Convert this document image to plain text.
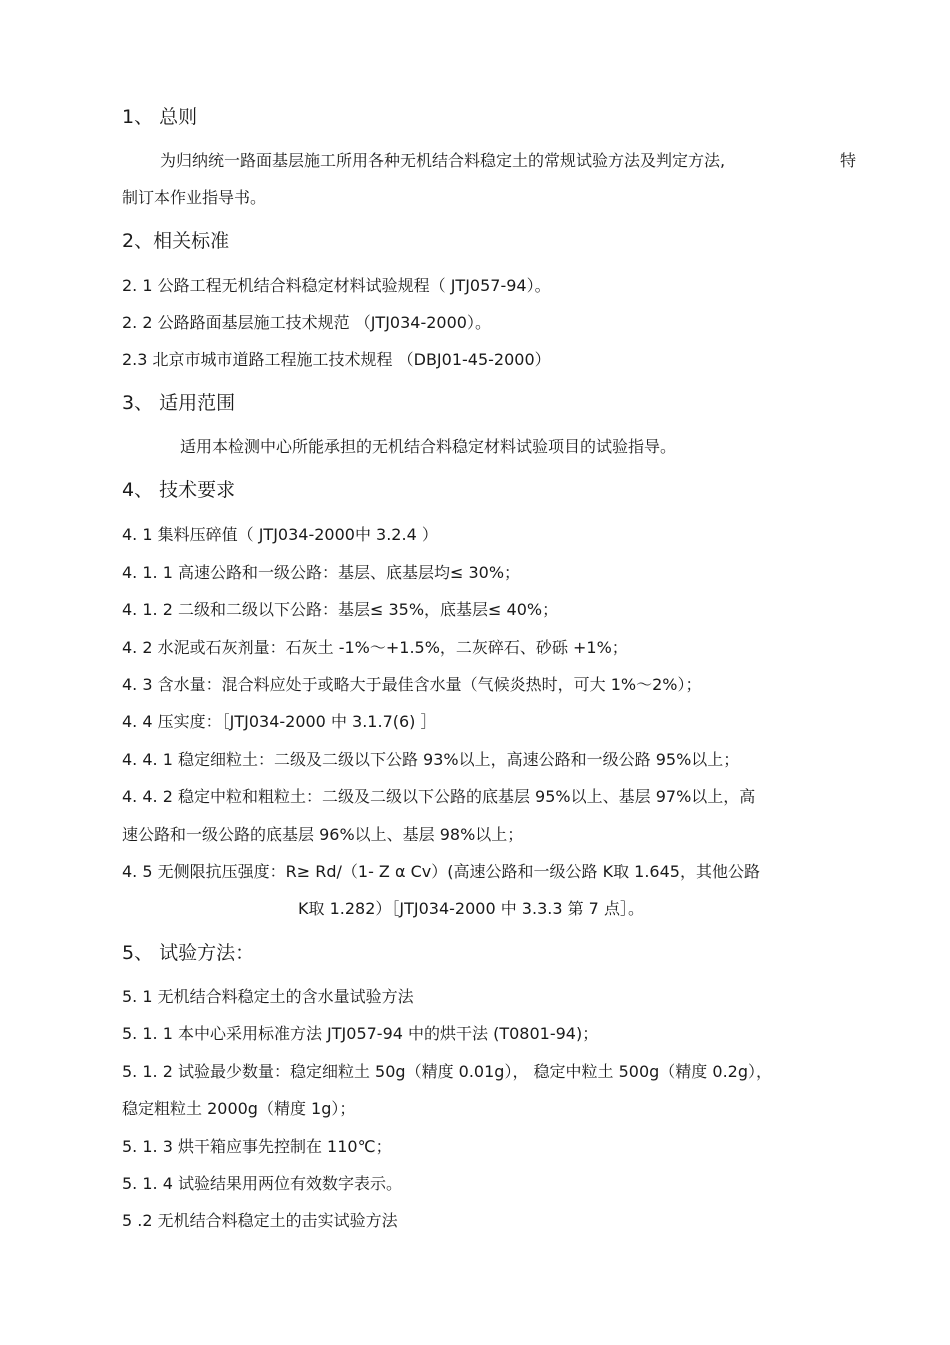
1、 总则
为归纳统一路面基层施工所用各种无机结合料稳定土的常规试验方法及判定方法,	特
制订本作业指导书。
2、相关标准
2. 1 公路工程无机结合料稳定材料试验规程（ JTJ057-94）。
2. 2 公路路面基层施工技术规范 （JTJ034-2000）。
2.3 北京市城市道路工程施工技术规程 （DBJ01-45-2000）
3、 适用范围
适用本检测中心所能承担的无机结合料稳定材料试验项目的试验指导。
4、 技术要求
4. 1 集料压碎值（ JTJ034-2000中 3.2.4 ）
4. 1. 1 高速公路和一级公路：基层、底基层均≤ 30%；
4. 1. 2 二级和二级以下公路：基层≤ 35%，底基层≤ 40%；
4. 2 水泥或石灰剂量：石灰土 -1%～+1.5%，二灰碎石、砂砾 +1%；
4. 3 含水量：混合料应处于或略大于最佳含水量（气候炎热时，可大 1%～2%）；
4. 4 压实度：［JTJ034-2000 中 3.1.7(6) ］
4. 4. 1 稳定细粒土：二级及二级以下公路 93%以上，高速公路和一级公路 95%以上；
4. 4. 2 稳定中粒和粗粒土：二级及二级以下公路的底基层 95%以上、基层 97%以上，高
速公路和一级公路的底基层 96%以上、基层 98%以上；
4. 5 无侧限抗压强度：R≥ Rd/（1- Z α Cv）(高速公路和一级公路 K取 1.645，其他公路
K取 1.282）［JTJ034-2000 中 3.3.3 第 7 点］。
5、 试验方法：
5. 1 无机结合料稳定土的含水量试验方法
5. 1. 1 本中心采用标准方法 JTJ057-94 中的烘干法 (T0801-94)；
5. 1. 2 试验最少数量：稳定细粒土 50g（精度 0.01g）， 稳定中粒土 500g（精度 0.2g），
稳定粗粒土 2000g（精度 1g）；
5. 1. 3 烘干箱应事先控制在 110℃；
5. 1. 4 试验结果用两位有效数字表示。
5 .2 无机结合料稳定土的击实试验方法
